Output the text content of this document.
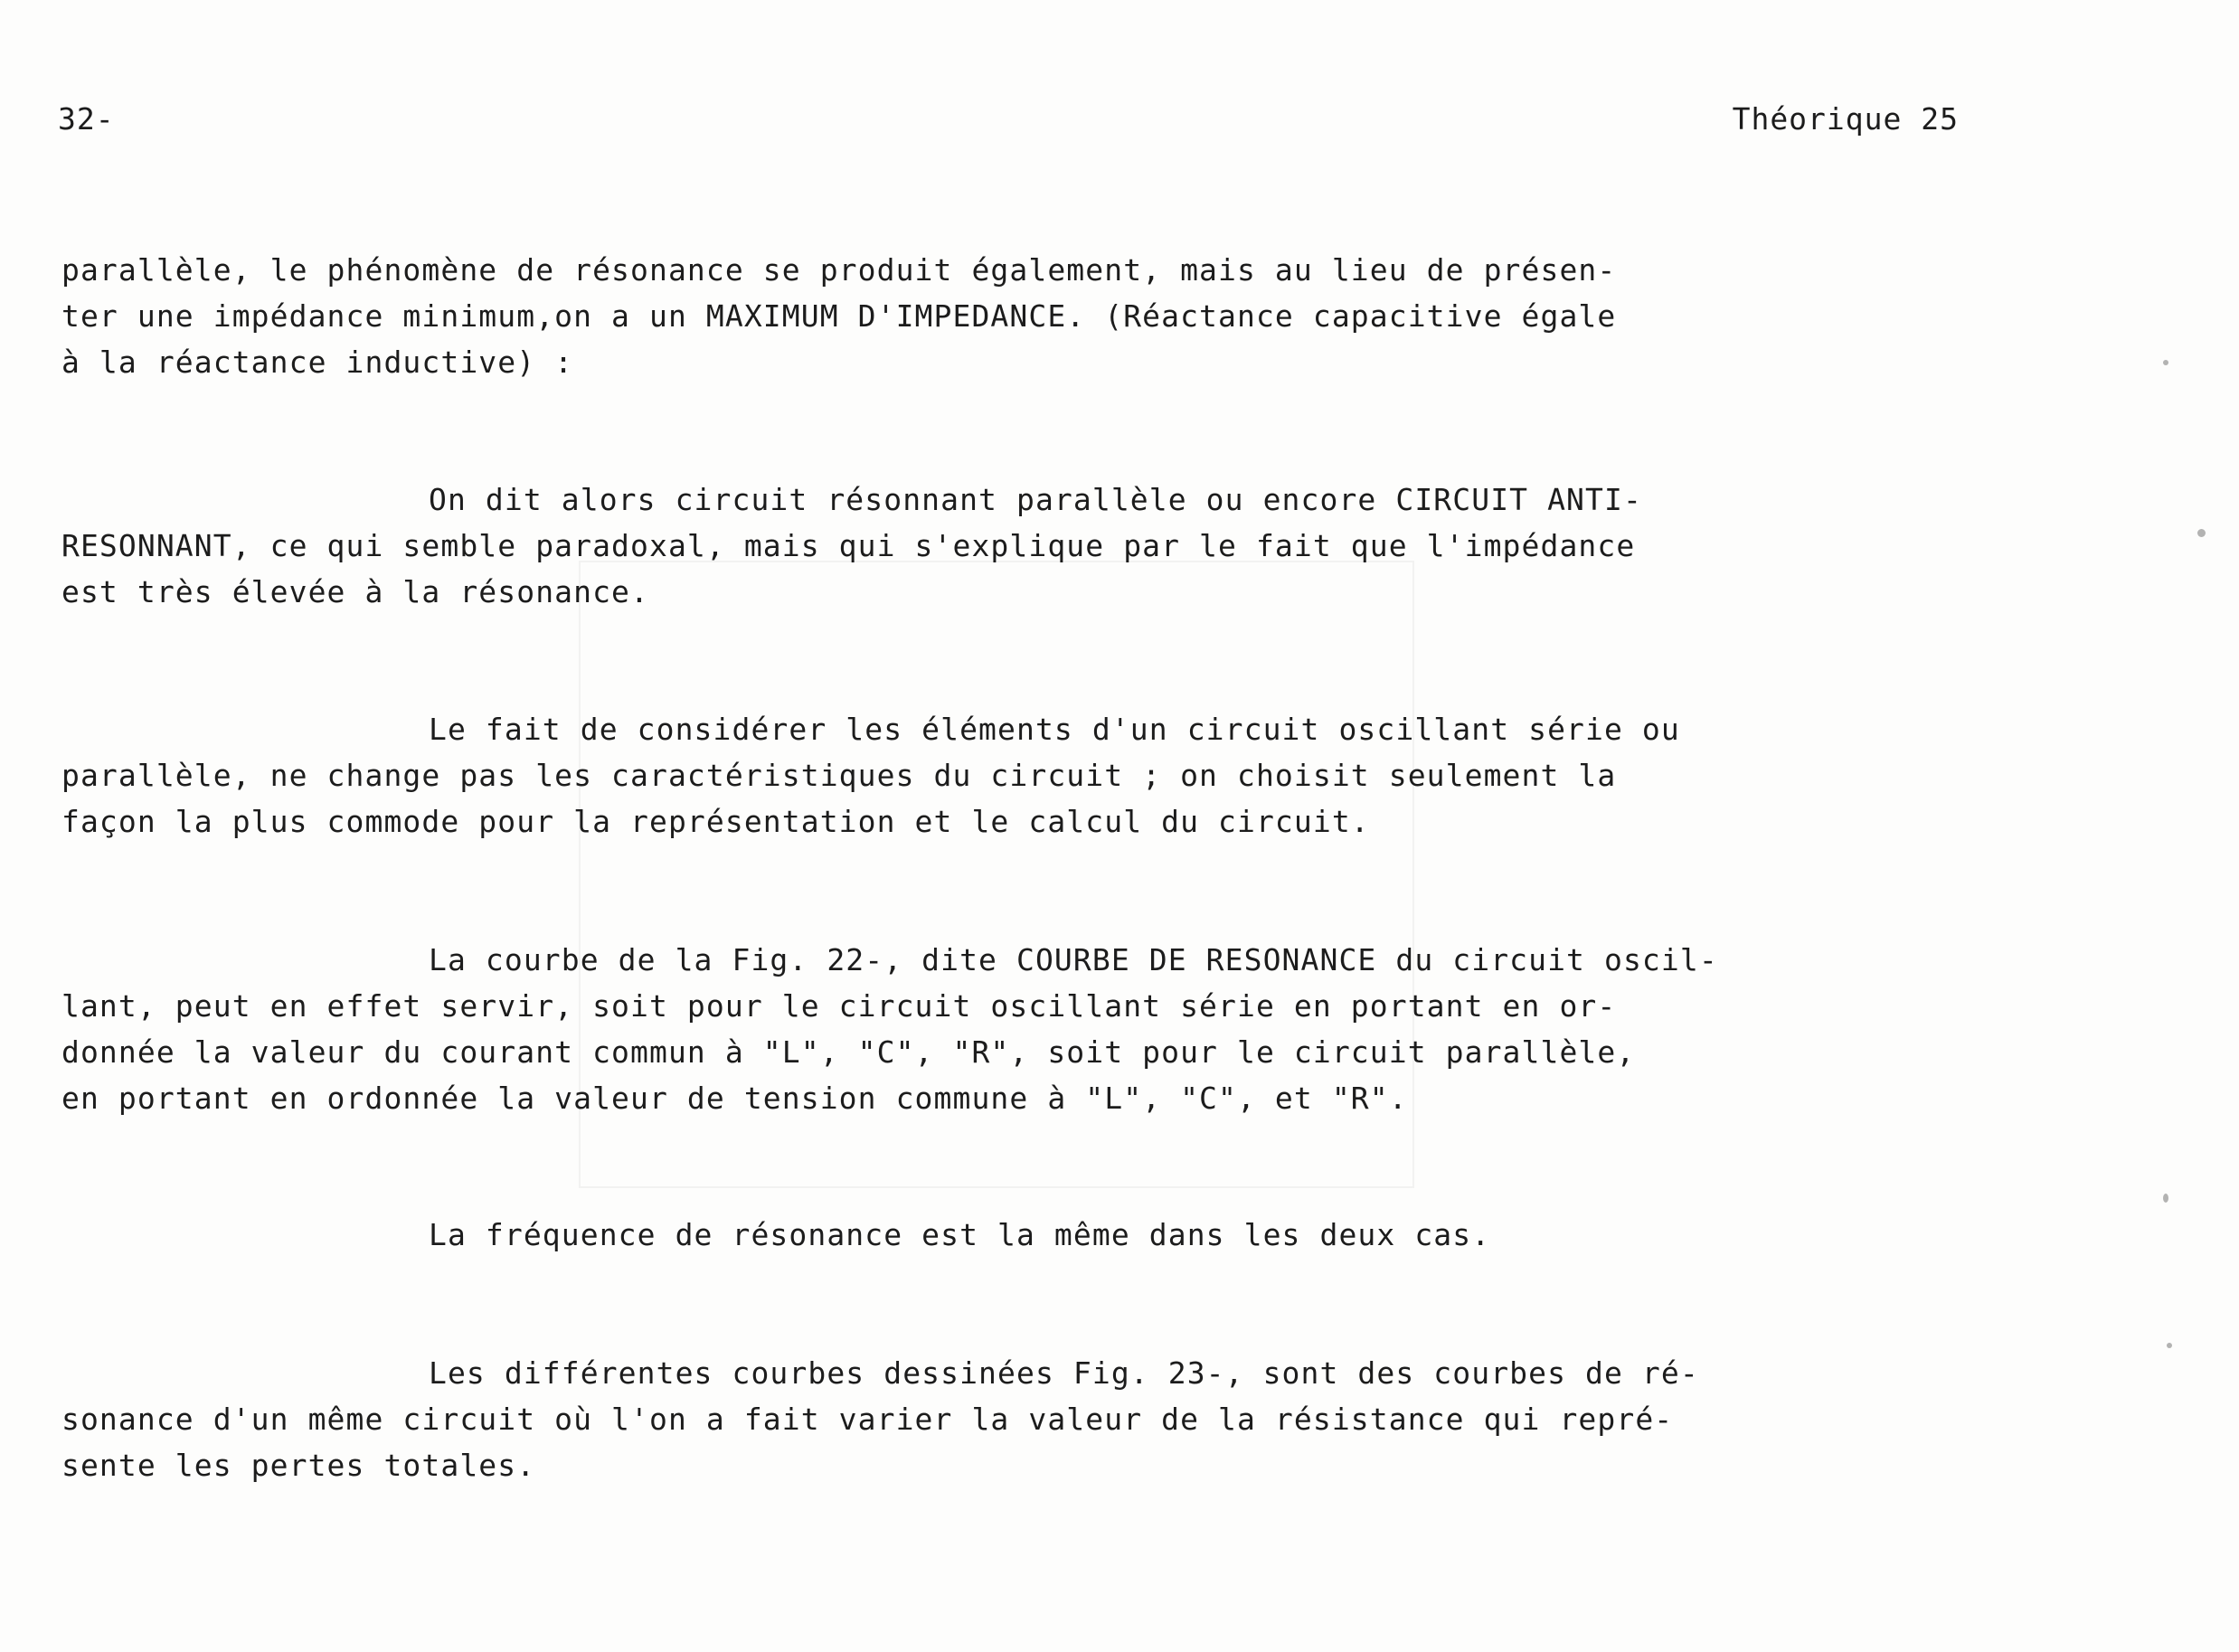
32-	Théorique 25
parallèle, le phénomène de résonance se produit également, mais au lieu de présen-
ter une impédance minimum,on a un MAXIMUM D'IMPEDANCE. (Réactance capacitive égale
à la réactance inductive) :
On dit alors circuit résonnant parallèle ou encore CIRCUIT ANTI-
RESONNANT, ce qui semble paradoxal, mais qui s'explique par le fait que l'impédance
est très élevée à la résonance.
Le fait de considérer les éléments d'un circuit oscillant série ou
parallèle, ne change pas les caractéristiques du circuit ; on choisit seulement la
façon la plus commode pour la représentation et le calcul du circuit.
La courbe de la Fig. 22-, dite COURBE DE RESONANCE du circuit oscil-
lant, peut en effet servir, soit pour le circuit oscillant série en portant en or-
donnée la valeur du courant commun à "L", "C", "R", soit pour le circuit parallèle,
en portant en ordonnée la valeur de tension commune à "L", "C", et "R".
La fréquence de résonance est la même dans les deux cas.
Les différentes courbes dessinées Fig. 23-, sont des courbes de ré-
sonance d'un même circuit où l'on a fait varier la valeur de la résistance qui repré-
sente les pertes totales.
